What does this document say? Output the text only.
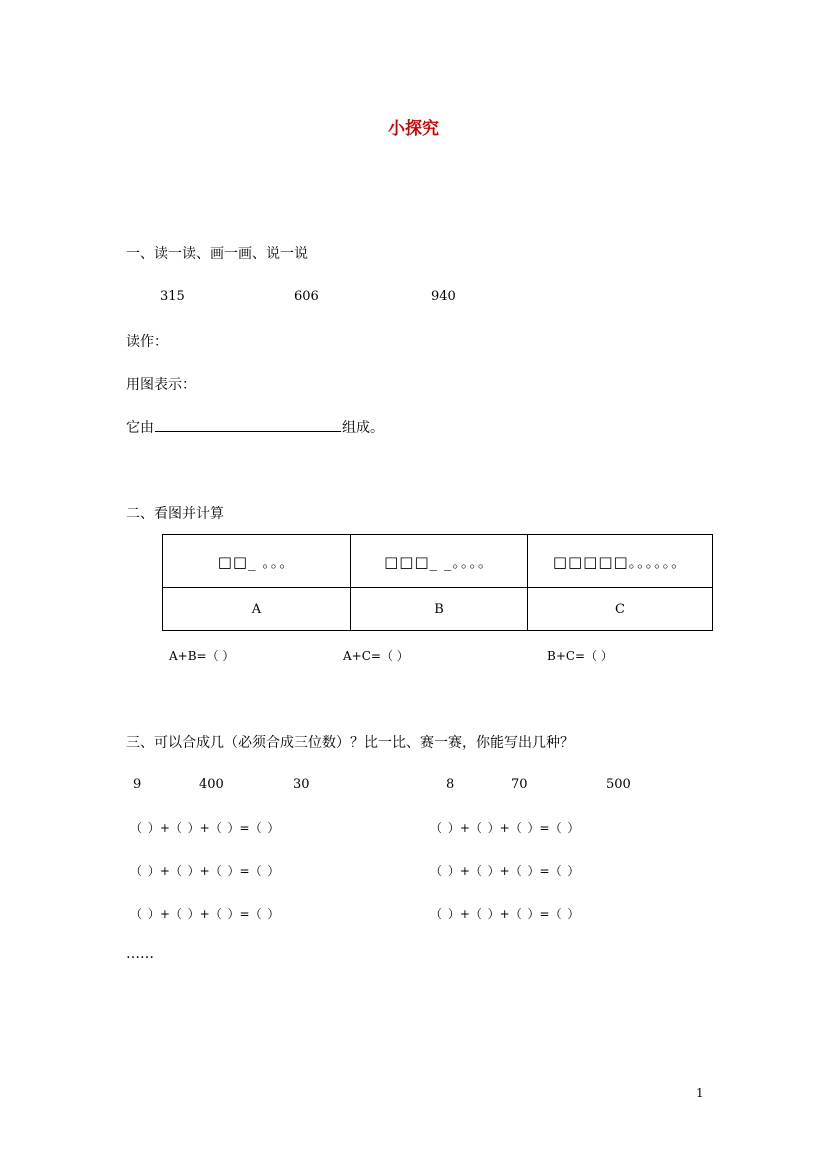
小探究
一、读一读、画一画、说一说
315	606	940
读作：
用图表示：
它由	组成。
二、看图并计算
□□_ 。。。	□□□_ _。。。。	□□□□□。。。。。。
A	B	C
A+B=（ ）	A+C=（ ）	B+C=（ ）
三、可以合成几（必须合成三位数）？比一比、赛一赛，你能写出几种？
9	400	30	8	70	500
（ ）+（ ）+（ ）=（ ）	（ ）+（ ）+（ ）=（ ）
（ ）+（ ）+（ ）=（ ）	（ ）+（ ）+（ ）=（ ）
（ ）+（ ）+（ ）=（ ）	（ ）+（ ）+（ ）=（ ）
……
1
